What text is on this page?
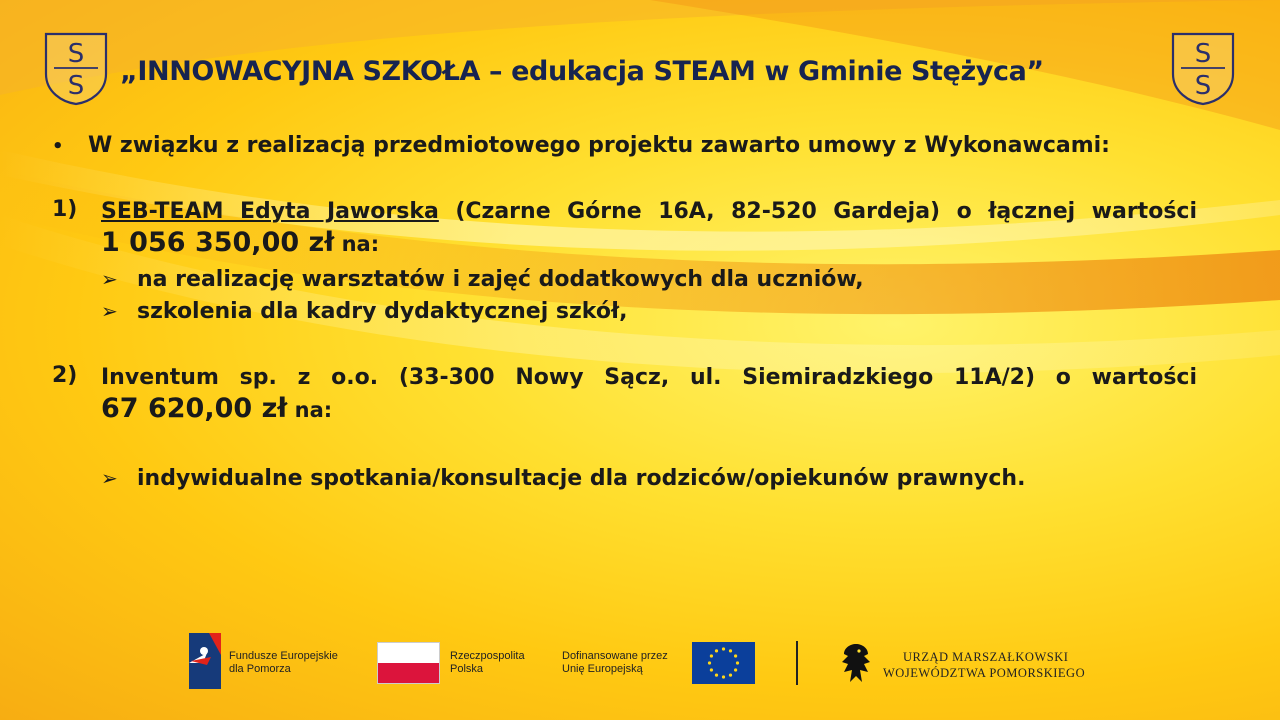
S
S
S
S
„INNOWACYJNA SZKOŁA – edukacja STEAM w Gminie Stężyca”
• W związku z realizacją przedmiotowego projektu zawarto umowy z Wykonawcami:
1) SEB-TEAM Edyta Jaworska (Czarne Górne 16A, 82-520 Gardeja) o łącznej wartości
1 056 350,00 zł na:
➢ na realizację warsztatów i zajęć dodatkowych dla uczniów,
➢ szkolenia dla kadry dydaktycznej szkół,
2) Inventum sp. z o.o. (33-300 Nowy Sącz, ul. Siemiradzkiego 11A/2) o wartości
67 620,00 zł na:
➢ indywidualne spotkania/konsultacje dla rodziców/opiekunów prawnych.
Fundusze Europejskie
dla Pomorza
Rzeczpospolita
Polska
Dofinansowane przez
Unię Europejską
URZĄD MARSZAŁKOWSKI
WOJEWÓDZTWA POMORSKIEGO
